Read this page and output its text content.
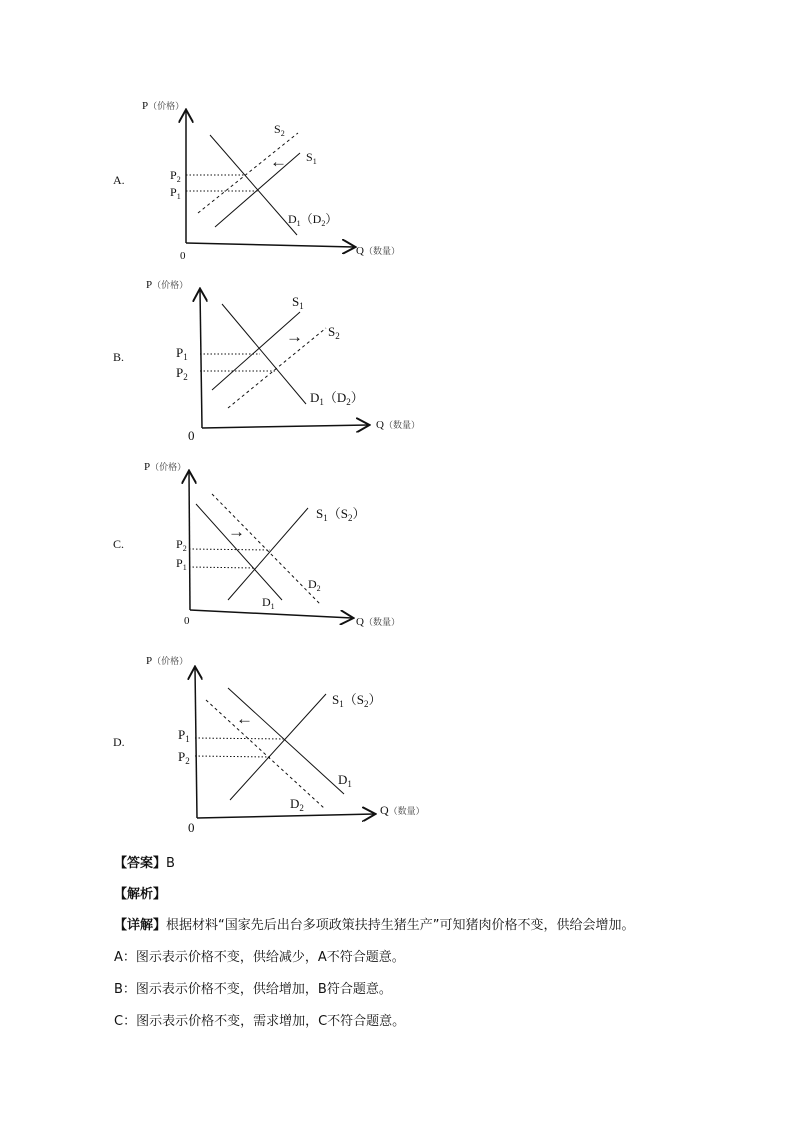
A.
P（价格）
Q（数量）
0
$P_2$
$P_1$
$S_2$
$S_1$
$D_1(D_2)$
←
B.
P（价格）
Q（数量）
0
$P_1$
$P_2$
$S_1$
$S_2$
$D_1(D_2)$
→
C.
P（价格）
Q（数量）
0
$P_2$
$P_1$
$S_1(S_2)$
$D_2$
$D_1$
→
D.
P（价格）
Q（数量）
0
$P_1$
$P_2$
$S_1(S_2)$
$D_1$
$D_2$
←
【答案】B
【解析】
【详解】根据材料“国家先后出台多项政策扶持生猪生产”可知猪肉价格不变，供给会增加。
A：图示表示价格不变，供给减少，A不符合题意。
B：图示表示价格不变，供给增加，B符合题意。
C：图示表示价格不变，需求增加，C不符合题意。
